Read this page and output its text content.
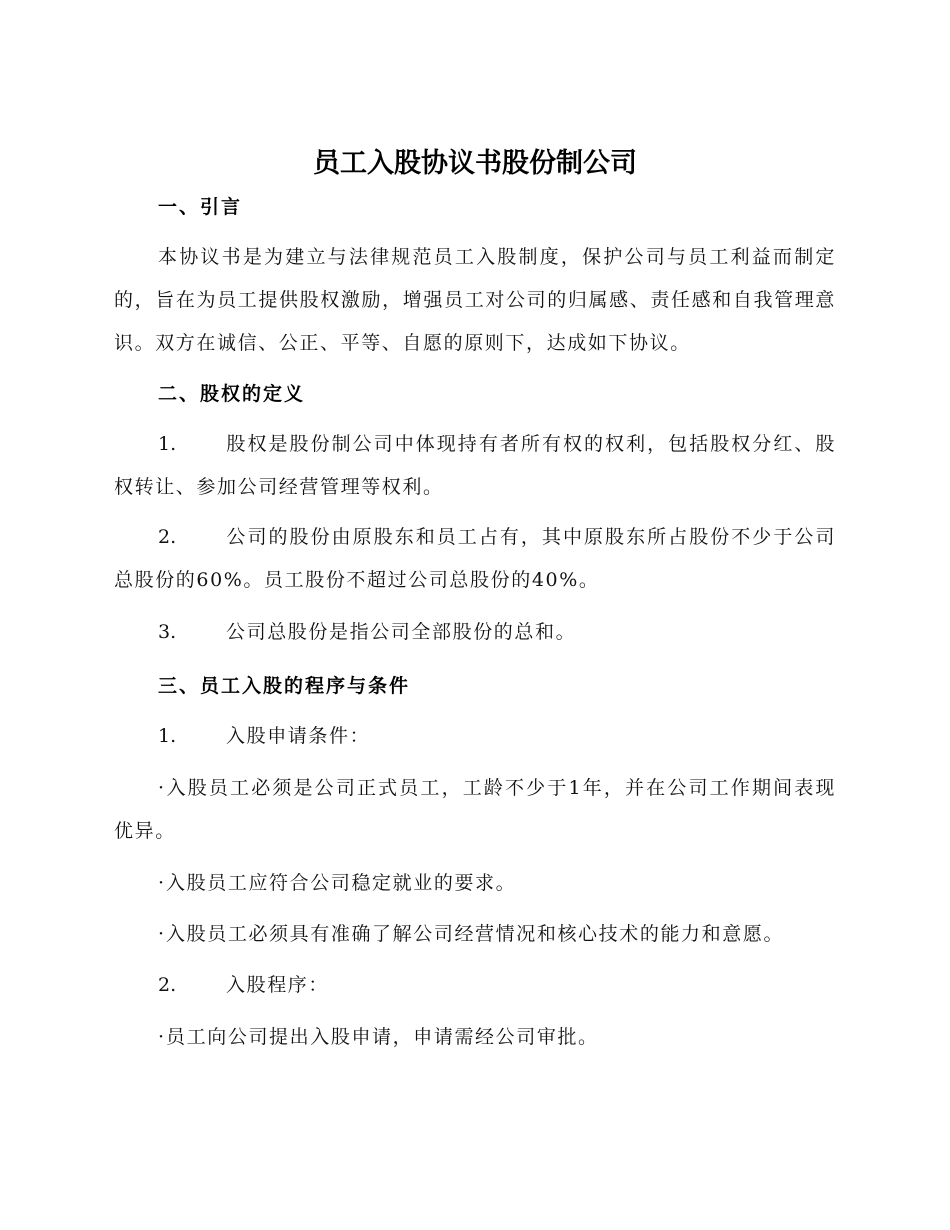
员工入股协议书股份制公司
一、引言
本协议书是为建立与法律规范员工入股制度，保护公司与员工利益而制定的，旨在为员工提供股权激励，增强员工对公司的归属感、责任感和自我管理意识。双方在诚信、公正、平等、自愿的原则下，达成如下协议。
二、股权的定义
1.	股权是股份制公司中体现持有者所有权的权利，包括股权分红、股权转让、参加公司经营管理等权利。
2.	公司的股份由原股东和员工占有，其中原股东所占股份不少于公司总股份的60%。员工股份不超过公司总股份的40%。
3.	公司总股份是指公司全部股份的总和。
三、员工入股的程序与条件
1.	入股申请条件：
·入股员工必须是公司正式员工，工龄不少于1年，并在公司工作期间表现优异。
·入股员工应符合公司稳定就业的要求。
·入股员工必须具有准确了解公司经营情况和核心技术的能力和意愿。
2.	入股程序：
·员工向公司提出入股申请，申请需经公司审批。
